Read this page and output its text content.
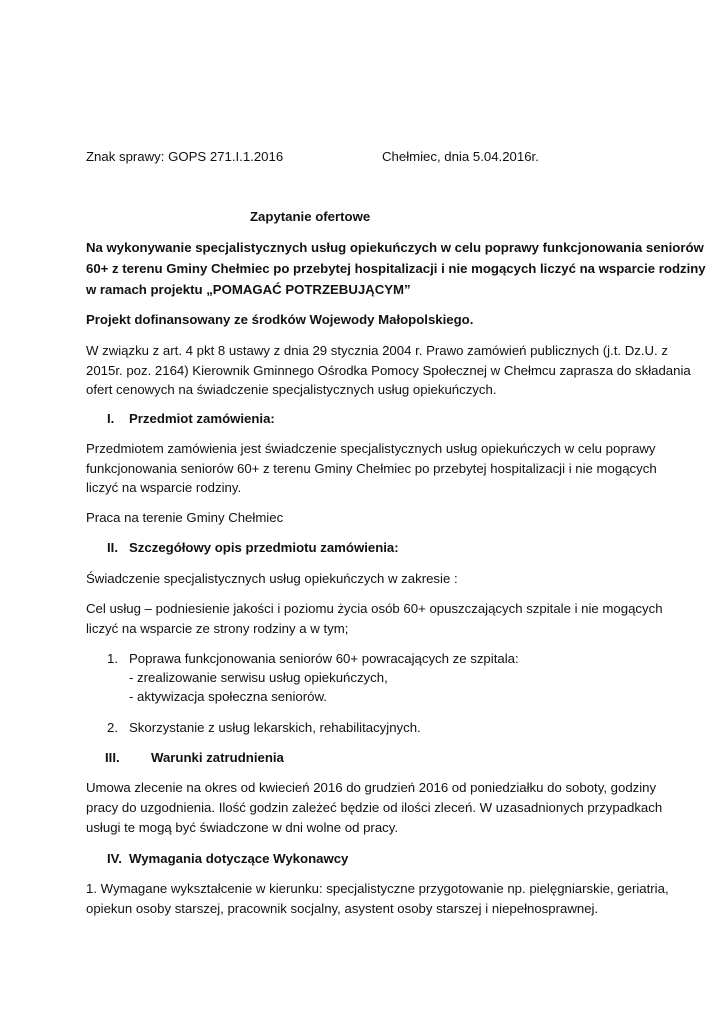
Znak sprawy: GOPS 271.I.1.2016	Chełmiec, dnia 5.04.2016r.
Zapytanie ofertowe
Na wykonywanie specjalistycznych usług opiekuńczych w celu poprawy funkcjonowania seniorów
60+ z terenu Gminy Chełmiec po przebytej hospitalizacji i nie mogących liczyć na wsparcie rodziny
w ramach projektu „POMAGAĆ POTRZEBUJĄCYM”
Projekt dofinansowany ze środków Wojewody Małopolskiego.
W związku z art. 4 pkt 8 ustawy z dnia 29 stycznia 2004 r. Prawo zamówień publicznych (j.t. Dz.U. z
2015r. poz. 2164) Kierownik Gminnego Ośrodka Pomocy Społecznej w Chełmcu zaprasza do składania
ofert cenowych na świadczenie specjalistycznych usług opiekuńczych.
I. Przedmiot zamówienia:
Przedmiotem zamówienia jest świadczenie specjalistycznych usług opiekuńczych w celu poprawy
funkcjonowania seniorów 60+ z terenu Gminy Chełmiec po przebytej hospitalizacji i nie mogących
liczyć na wsparcie rodziny.
Praca na terenie Gminy Chełmiec
II. Szczegółowy opis przedmiotu zamówienia:
Świadczenie specjalistycznych usług opiekuńczych w zakresie :
Cel usług – podniesienie jakości i poziomu życia osób 60+ opuszczających szpitale i nie mogących
liczyć na wsparcie ze strony rodziny a w tym;
1. Poprawa funkcjonowania seniorów 60+ powracających ze szpitala:
- zrealizowanie serwisu usług opiekuńczych,
- aktywizacja społeczna seniorów.
2. Skorzystanie z usług lekarskich, rehabilitacyjnych.
III. Warunki zatrudnienia
Umowa zlecenie na okres od kwiecień 2016 do grudzień 2016 od poniedziałku do soboty, godziny
pracy do uzgodnienia. Ilość godzin zależeć będzie od ilości zleceń. W uzasadnionych przypadkach
usługi te mogą być świadczone w dni wolne od pracy.
IV. Wymagania dotyczące Wykonawcy
1. Wymagane wykształcenie w kierunku: specjalistyczne przygotowanie np. pielęgniarskie, geriatria,
opiekun osoby starszej, pracownik socjalny, asystent osoby starszej i niepełnosprawnej.
